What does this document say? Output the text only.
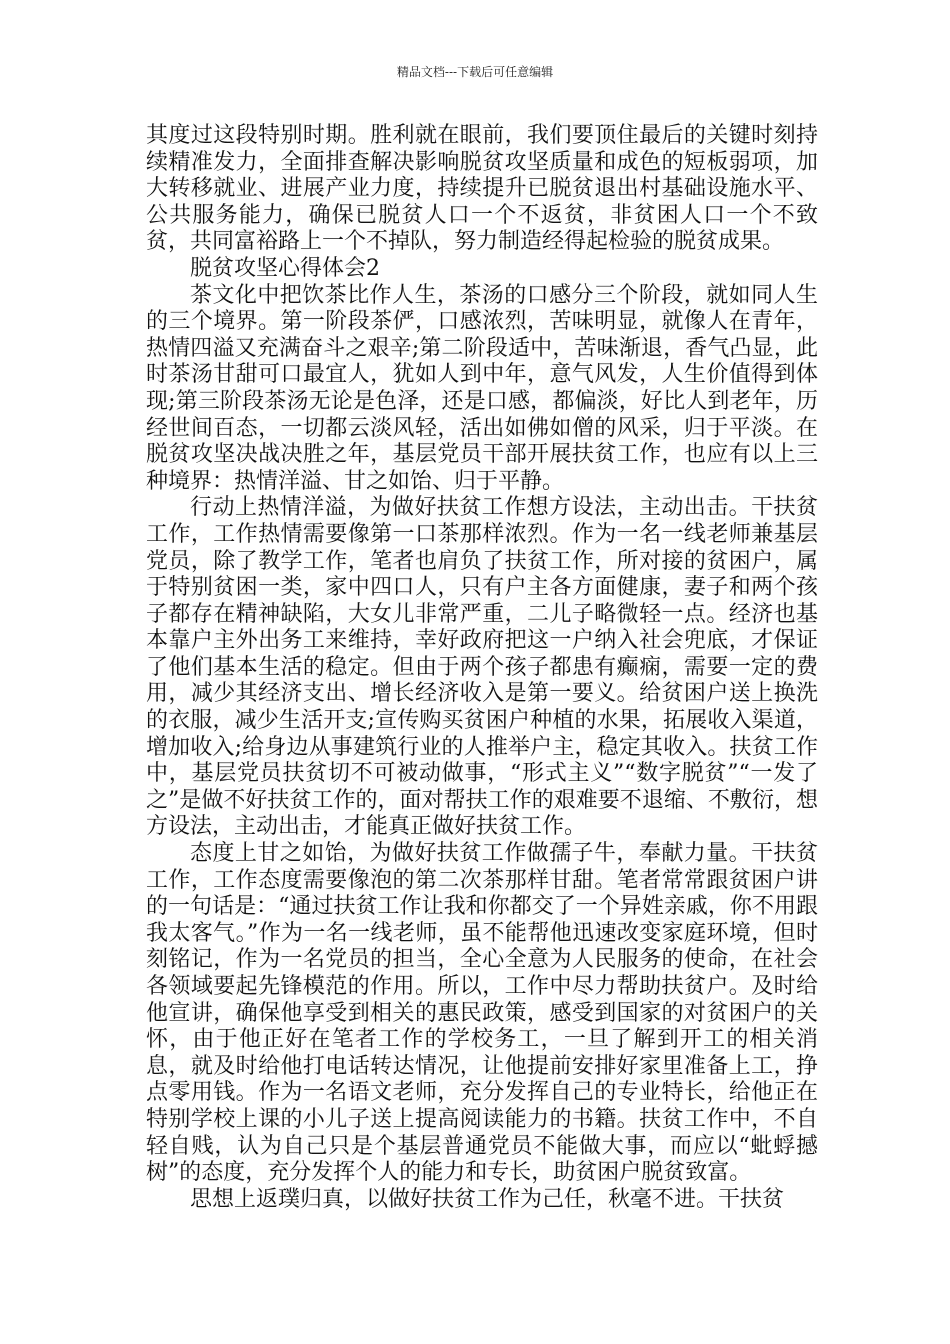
精品文档---下载后可任意编辑

其度过这段特别时期。胜利就在眼前，我们要顶住最后的关键时刻持续精准发力，全面排查解决影响脱贫攻坚质量和成色的短板弱项，加大转移就业、进展产业力度，持续提升已脱贫退出村基础设施水平、公共服务能力，确保已脱贫人口一个不返贫，非贫困人口一个不致贫，共同富裕路上一个不掉队，努力制造经得起检验的脱贫成果。

脱贫攻坚心得体会2

茶文化中把饮茶比作人生，茶汤的口感分三个阶段，就如同人生的三个境界。第一阶段茶俨，口感浓烈，苦味明显，就像人在青年，热情四溢又充满奋斗之艰辛;第二阶段适中，苦味渐退，香气凸显，此时茶汤甘甜可口最宜人，犹如人到中年，意气风发，人生价值得到体现;第三阶段茶汤无论是色泽，还是口感，都偏淡，好比人到老年，历经世间百态，一切都云淡风轻，活出如佛如僧的风采，归于平淡。在脱贫攻坚决战决胜之年，基层党员干部开展扶贫工作，也应有以上三种境界：热情洋溢、甘之如饴、归于平静。

行动上热情洋溢，为做好扶贫工作想方设法，主动出击。干扶贫工作，工作热情需要像第一口茶那样浓烈。作为一名一线老师兼基层党员，除了教学工作，笔者也肩负了扶贫工作，所对接的贫困户，属于特别贫困一类，家中四口人，只有户主各方面健康，妻子和两个孩子都存在精神缺陷，大女儿非常严重，二儿子略微轻一点。经济也基本靠户主外出务工来维持，幸好政府把这一户纳入社会兜底，才保证了他们基本生活的稳定。但由于两个孩子都患有癫痫，需要一定的费用，减少其经济支出、增长经济收入是第一要义。给贫困户送上换洗的衣服，减少生活开支;宣传购买贫困户种植的水果，拓展收入渠道，增加收入;给身边从事建筑行业的人推举户主，稳定其收入。扶贫工作中，基层党员扶贫切不可被动做事，“形式主义”“数字脱贫”“一发了之”是做不好扶贫工作的，面对帮扶工作的艰难要不退缩、不敷衍，想方设法，主动出击，才能真正做好扶贫工作。

态度上甘之如饴，为做好扶贫工作做孺子牛，奉献力量。干扶贫工作，工作态度需要像泡的第二次茶那样甘甜。笔者常常跟贫困户讲的一句话是：“通过扶贫工作让我和你都交了一个异姓亲戚，你不用跟我太客气。”作为一名一线老师，虽不能帮他迅速改变家庭环境，但时刻铭记，作为一名党员的担当，全心全意为人民服务的使命，在社会各领域要起先锋模范的作用。所以，工作中尽力帮助扶贫户。及时给他宣讲，确保他享受到相关的惠民政策，感受到国家的对贫困户的关怀，由于他正好在笔者工作的学校务工，一旦了解到开工的相关消息，就及时给他打电话转达情况，让他提前安排好家里准备上工，挣点零用钱。作为一名语文老师，充分发挥自己的专业特长，给他正在特别学校上课的小儿子送上提高阅读能力的书籍。扶贫工作中，不自轻自贱，认为自己只是个基层普通党员不能做大事，而应以“蚍蜉撼树”的态度，充分发挥个人的能力和专长，助贫困户脱贫致富。

思想上返璞归真，以做好扶贫工作为己任，秋毫不进。干扶贫
